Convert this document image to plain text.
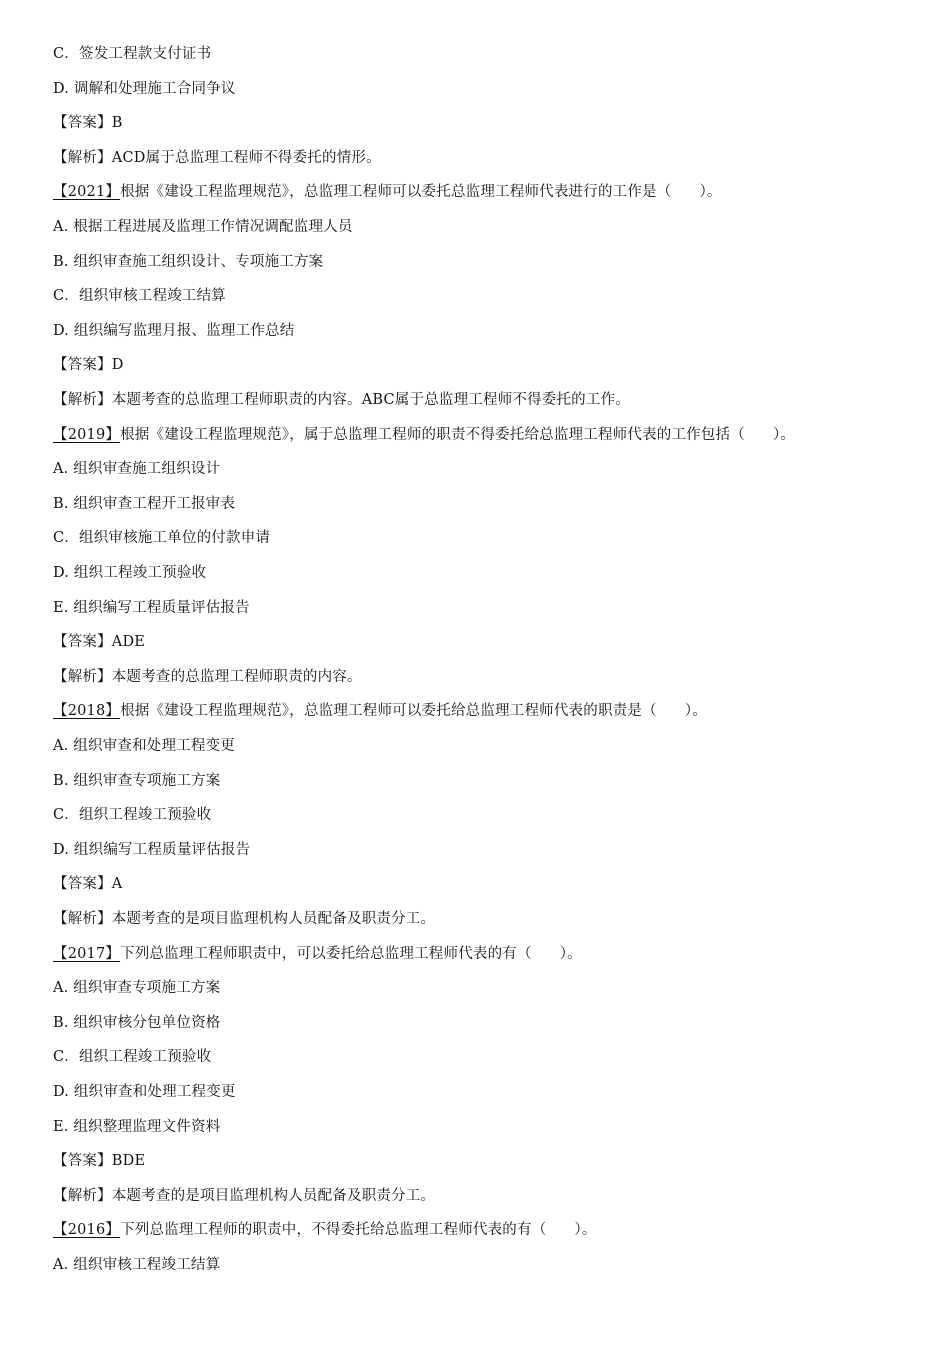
C．签发工程款支付证书
D. 调解和处理施工合同争议
【答案】B
【解析】ACD属于总监理工程师不得委托的情形。
【2021】根据《建设工程监理规范》，总监理工程师可以委托总监理工程师代表进行的工作是（ ）。
A. 根据工程进展及监理工作情况调配监理人员
B. 组织审查施工组织设计、专项施工方案
C．组织审核工程竣工结算
D. 组织编写监理月报、监理工作总结
【答案】D
【解析】本题考查的总监理工程师职责的内容。ABC属于总监理工程师不得委托的工作。
【2019】根据《建设工程监理规范》，属于总监理工程师的职责不得委托给总监理工程师代表的工作包括（ ）。
A. 组织审查施工组织设计
B. 组织审查工程开工报审表
C．组织审核施工单位的付款申请
D. 组织工程竣工预验收
E. 组织编写工程质量评估报告
【答案】ADE
【解析】本题考查的总监理工程师职责的内容。
【2018】根据《建设工程监理规范》，总监理工程师可以委托给总监理工程师代表的职责是（ ）。
A. 组织审查和处理工程变更
B. 组织审查专项施工方案
C．组织工程竣工预验收
D. 组织编写工程质量评估报告
【答案】A
【解析】本题考查的是项目监理机构人员配备及职责分工。
【2017】下列总监理工程师职责中，可以委托给总监理工程师代表的有（ ）。
A. 组织审查专项施工方案
B. 组织审核分包单位资格
C．组织工程竣工预验收
D. 组织审查和处理工程变更
E. 组织整理监理文件资料
【答案】BDE
【解析】本题考查的是项目监理机构人员配备及职责分工。
【2016】下列总监理工程师的职责中，不得委托给总监理工程师代表的有（ ）。
A. 组织审核工程竣工结算
